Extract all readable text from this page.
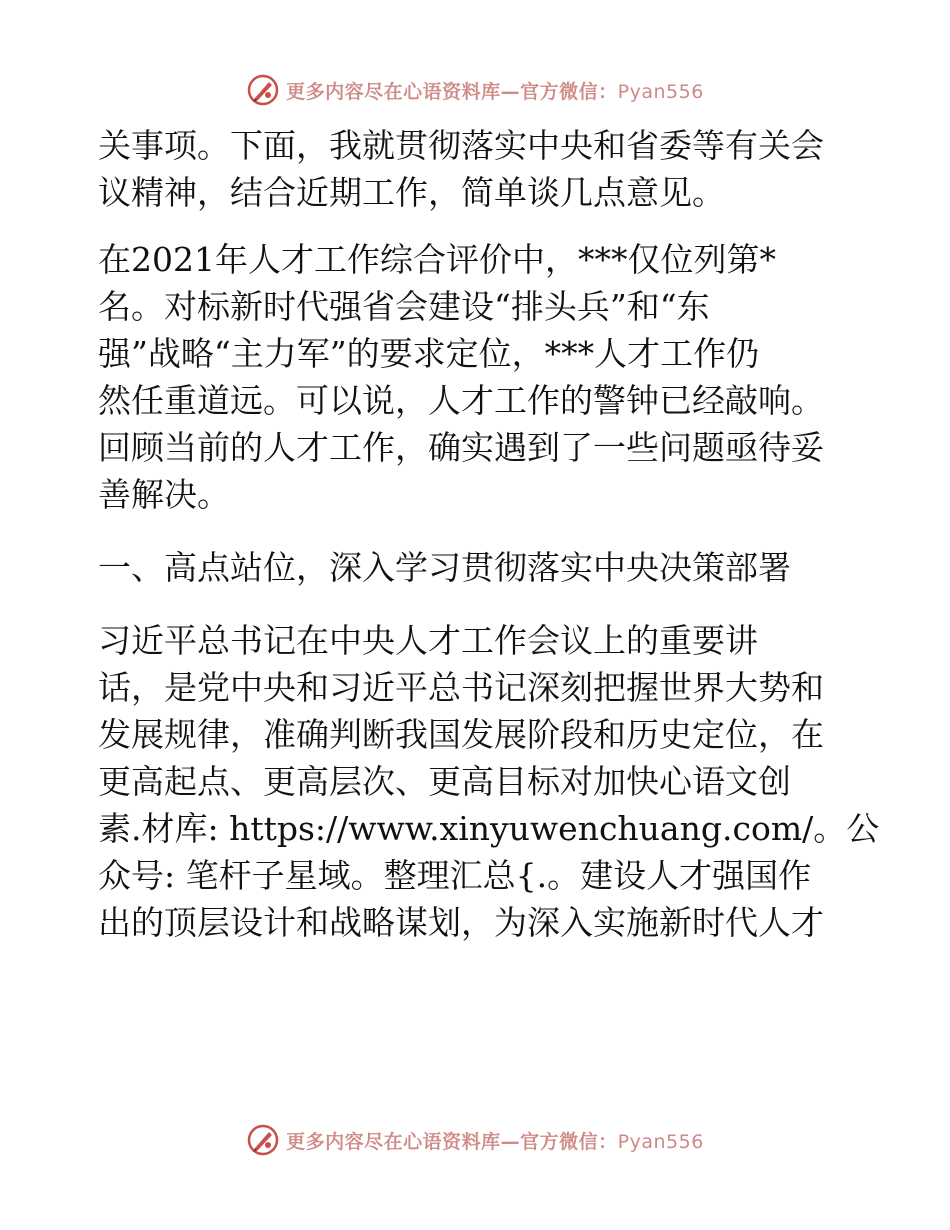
更多内容尽在心语资料库—官方微信：Pyan556

关事项。下面，我就贯彻落实中央和省委等有关会
议精神，结合近期工作，简单谈几点意见。

在2021年人才工作综合评价中，***仅位列第*
名。对标新时代强省会建设“排头兵”和“东
强”战略“主力军”的要求定位，***人才工作仍
然任重道远。可以说，人才工作的警钟已经敲响。
回顾当前的人才工作，确实遇到了一些问题亟待妥
善解决。

一、高点站位，深入学习贯彻落实中央决策部署

习近平总书记在中央人才工作会议上的重要讲
话，是党中央和习近平总书记深刻把握世界大势和
发展规律，准确判断我国发展阶段和历史定位，在
更高起点、更高层次、更高目标对加快心语文创
素.材库: https://www.xinyuwenchuang.com/。公
众号: 笔杆子星域。整理汇总{.。建设人才强国作
出的顶层设计和战略谋划，为深入实施新时代人才

更多内容尽在心语资料库—官方微信：Pyan556
